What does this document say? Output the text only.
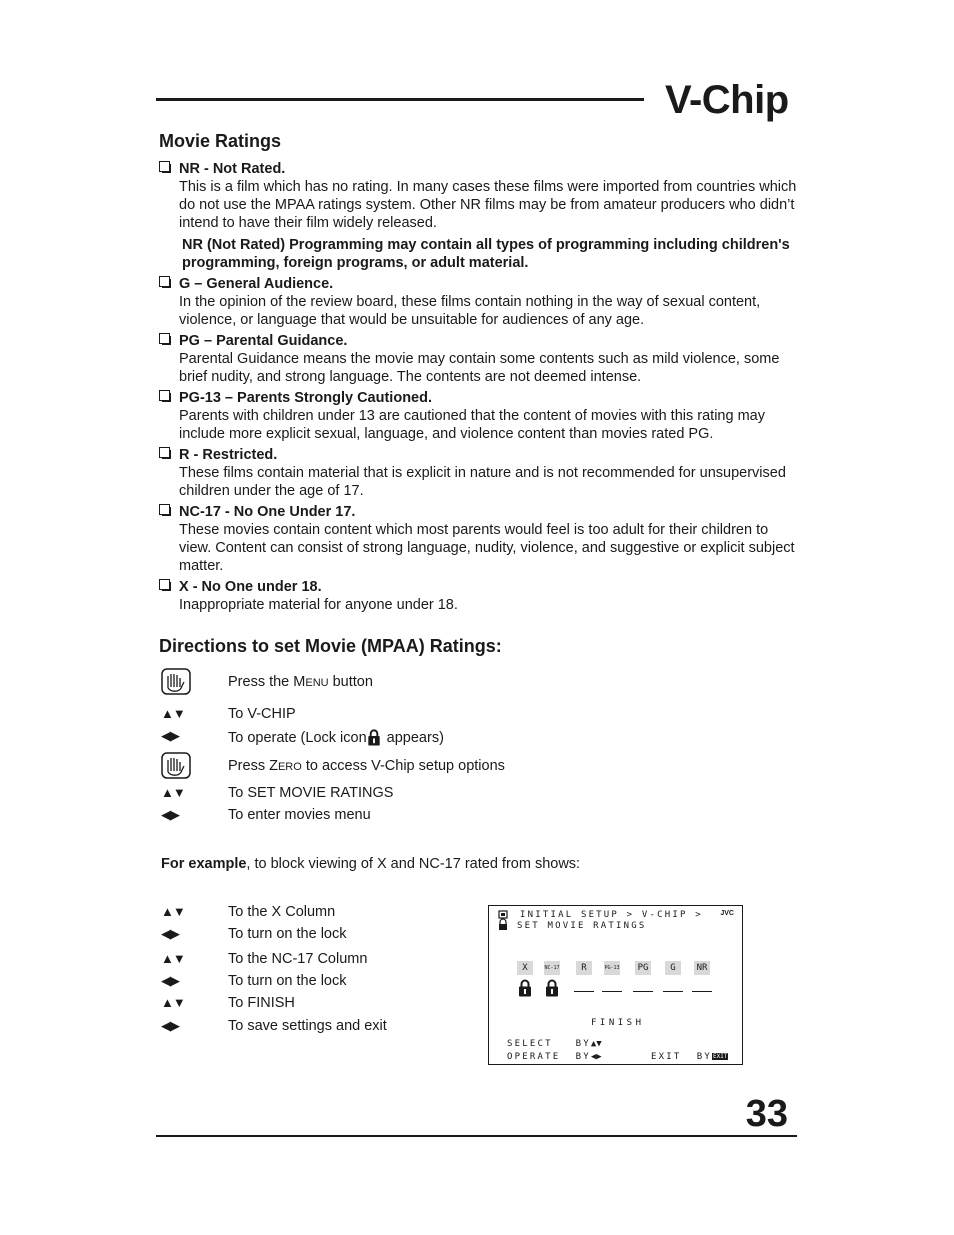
V-Chip
Movie Ratings
NR - Not Rated.
This is a film which has no rating. In many cases these films were imported from countries which do not use the MPAA ratings system. Other NR films may be from amateur producers who didn’t intend to have their film widely released.
NR (Not Rated) Programming may contain all types of programming including children's programming, foreign programs, or adult material.
G – General Audience.
In the opinion of the review board, these films contain nothing in the way of sexual content, violence, or language that would be unsuitable for audiences of any age.
PG – Parental Guidance.
Parental Guidance means the movie may contain some contents such as mild violence, some brief nudity, and strong language. The contents are not deemed intense.
PG-13 – Parents Strongly Cautioned.
Parents with children under 13 are cautioned that the content of movies with this rating may include more explicit sexual, language, and violence content than movies rated PG.
R - Restricted.
These films contain material that is explicit in nature and is not recommended for unsupervised children under the age of 17.
NC-17 - No One Under 17.
These movies contain content which most parents would feel is too adult for their children to view. Content can consist of strong language, nudity, violence, and suggestive or explicit subject matter.
X - No One under 18.
Inappropriate material for anyone under 18.
Directions to set Movie (MPAA) Ratings:
Press the MENU button
▲▼	To V-CHIP
◀▶	To operate (Lock icon appears)
Press ZERO to access V-Chip setup options
▲▼	To SET MOVIE RATINGS
◀▶	To enter movies menu
For example, to block viewing of X and NC-17 rated from shows:
▲▼	To the X Column
◀▶	To turn on the lock
▲▼	To the NC-17 Column
◀▶	To turn on the lock
▲▼	To FINISH
◀▶	To save settings and exit
INITIAL SETUP > V-CHIP >
SET MOVIE RATINGS
JVC
X	NC-17	R	PG-13 PG	G	NR
FINISH
SELECT	BY▲▼
OPERATE BY◀▶	EXIT BYEXIT
33
